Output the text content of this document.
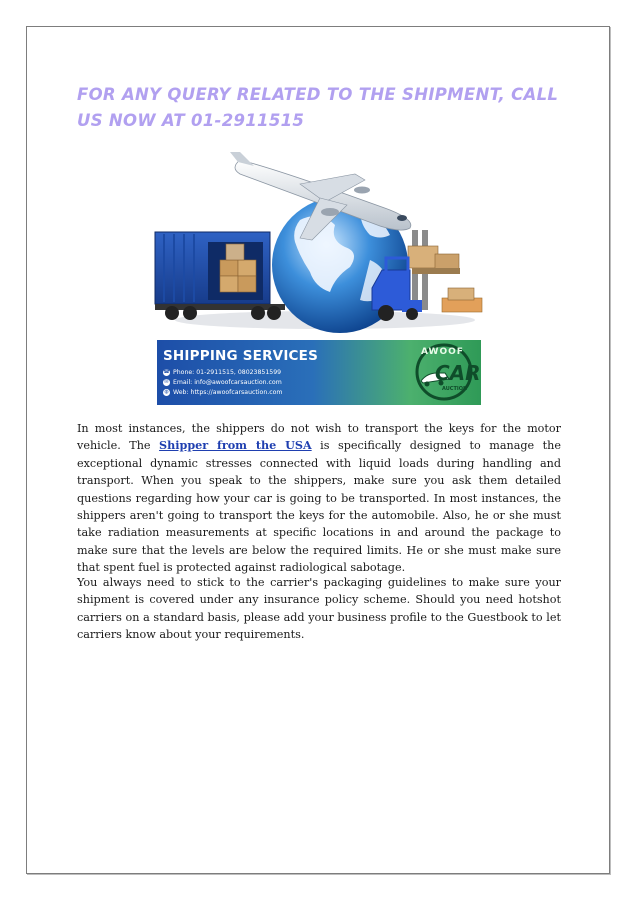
FOR ANY QUERY RELATED TO THE SHIPMENT, CALL US NOW AT 01-2911515
SHIPPING SERVICES
☎ Phone: 01-2911515, 08023851599
✉ Email: info@awoofcarsauction.com
◍ Web: https://awoofcarsauction.com
AWOOF
CAR
AUCTION

In most instances, the shippers do not wish to transport the keys for the motor vehicle. The Shipper from the USA is specifically designed to manage the exceptional dynamic stresses connected with liquid loads during handling and transport. When you speak to the shippers, make sure you ask them detailed questions regarding how your car is going to be transported. In most instances, the shippers aren't going to transport the keys for the automobile. Also, he or she must take radiation measurements at specific locations in and around the package to make sure that the levels are below the required limits. He or she must make sure that spent fuel is protected against radiological sabotage.

You always need to stick to the carrier's packaging guidelines to make sure your shipment is covered under any insurance policy scheme. Should you need hotshot carriers on a standard basis, please add your business profile to the Guestbook to let carriers know about your requirements.
